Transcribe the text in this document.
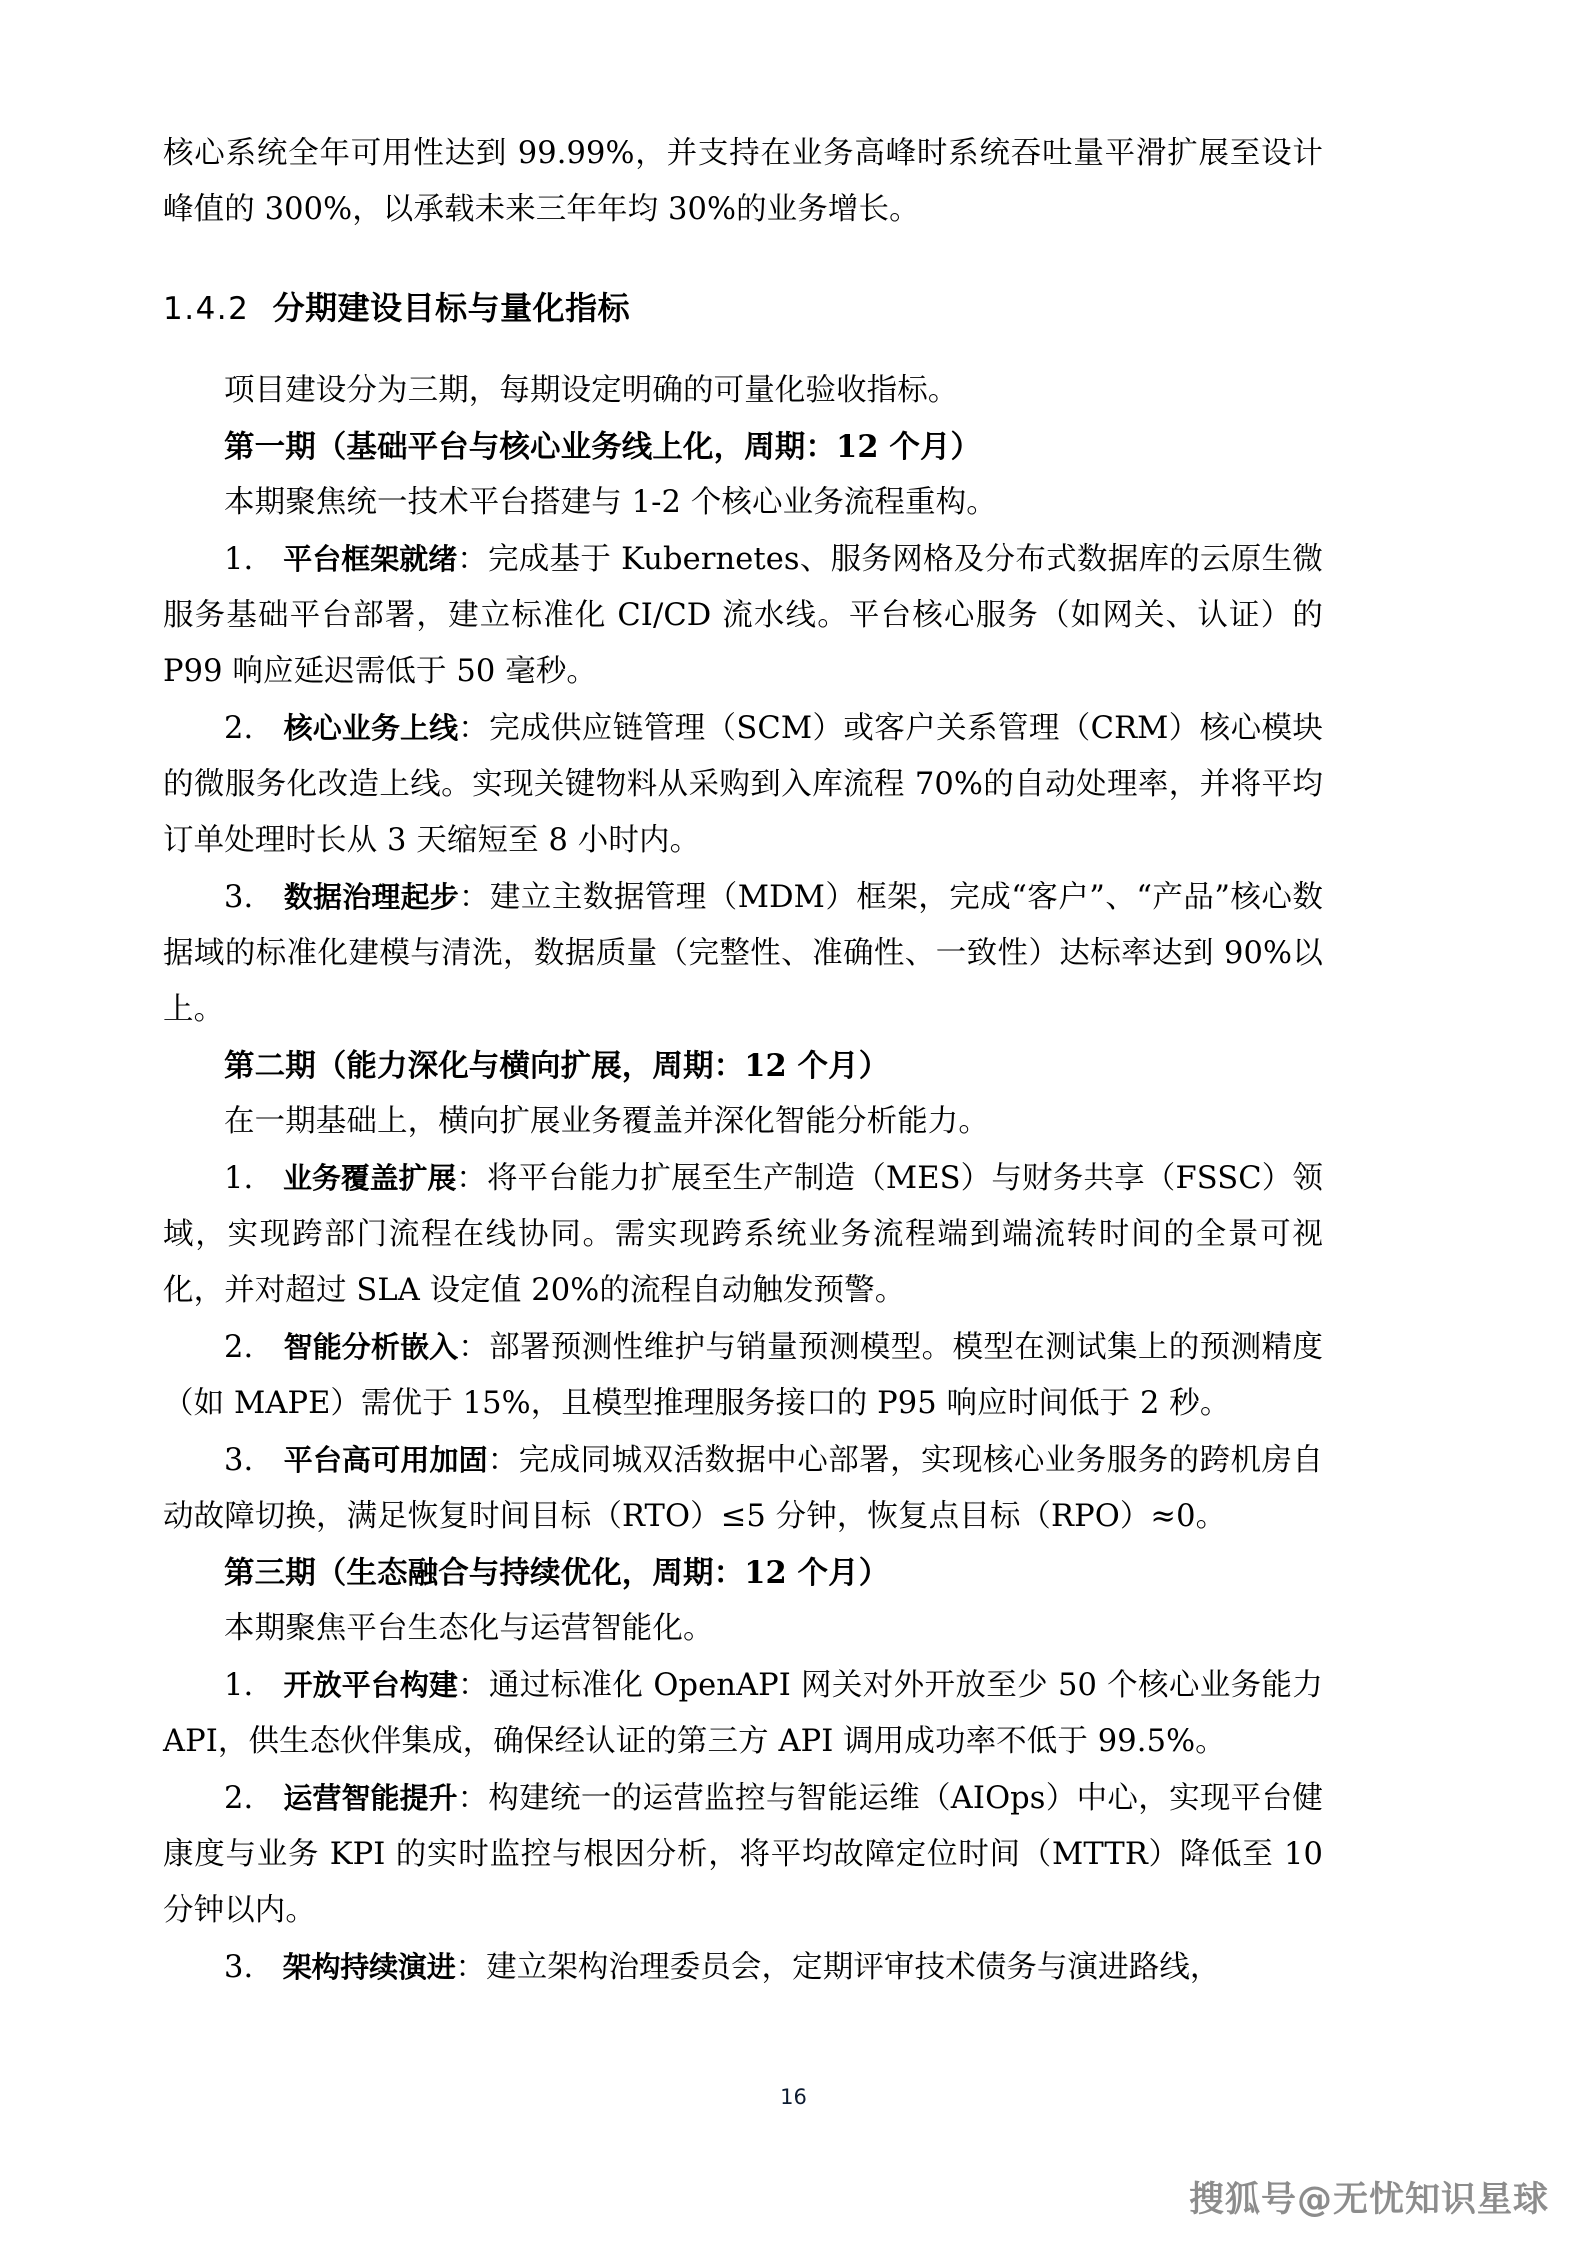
核心系统全年可用性达到 99.99%，并支持在业务高峰时系统吞吐量平滑扩展至设计峰值的 300%，以承载未来三年年均 30%的业务增长。

1.4.2 分期建设目标与量化指标

项目建设分为三期，每期设定明确的可量化验收指标。

第一期（基础平台与核心业务线上化，周期：12 个月）

本期聚焦统一技术平台搭建与 1-2 个核心业务流程重构。

1. 平台框架就绪：完成基于 Kubernetes、服务网格及分布式数据库的云原生微服务基础平台部署，建立标准化 CI/CD 流水线。平台核心服务（如网关、认证）的 P99 响应延迟需低于 50 毫秒。

2. 核心业务上线：完成供应链管理（SCM）或客户关系管理（CRM）核心模块的微服务化改造上线。实现关键物料从采购到入库流程 70%的自动处理率，并将平均订单处理时长从 3 天缩短至 8 小时内。

3. 数据治理起步：建立主数据管理（MDM）框架，完成“客户”、“产品”核心数据域的标准化建模与清洗，数据质量（完整性、准确性、一致性）达标率达到 90%以上。

第二期（能力深化与横向扩展，周期：12 个月）

在一期基础上，横向扩展业务覆盖并深化智能分析能力。

1. 业务覆盖扩展：将平台能力扩展至生产制造（MES）与财务共享（FSSC）领域，实现跨部门流程在线协同。需实现跨系统业务流程端到端流转时间的全景可视化，并对超过 SLA 设定值 20%的流程自动触发预警。

2. 智能分析嵌入：部署预测性维护与销量预测模型。模型在测试集上的预测精度（如 MAPE）需优于 15%，且模型推理服务接口的 P95 响应时间低于 2 秒。

3. 平台高可用加固：完成同城双活数据中心部署，实现核心业务服务的跨机房自动故障切换，满足恢复时间目标（RTO）≤5 分钟，恢复点目标（RPO）≈0。

第三期（生态融合与持续优化，周期：12 个月）

本期聚焦平台生态化与运营智能化。

1. 开放平台构建：通过标准化 OpenAPI 网关对外开放至少 50 个核心业务能力 API，供生态伙伴集成，确保经认证的第三方 API 调用成功率不低于 99.5%。

2. 运营智能提升：构建统一的运营监控与智能运维（AIOps）中心，实现平台健康度与业务 KPI 的实时监控与根因分析，将平均故障定位时间（MTTR）降低至 10 分钟以内。

3. 架构持续演进：建立架构治理委员会，定期评审技术债务与演进路线，

16
搜狐号@无忧知识星球
